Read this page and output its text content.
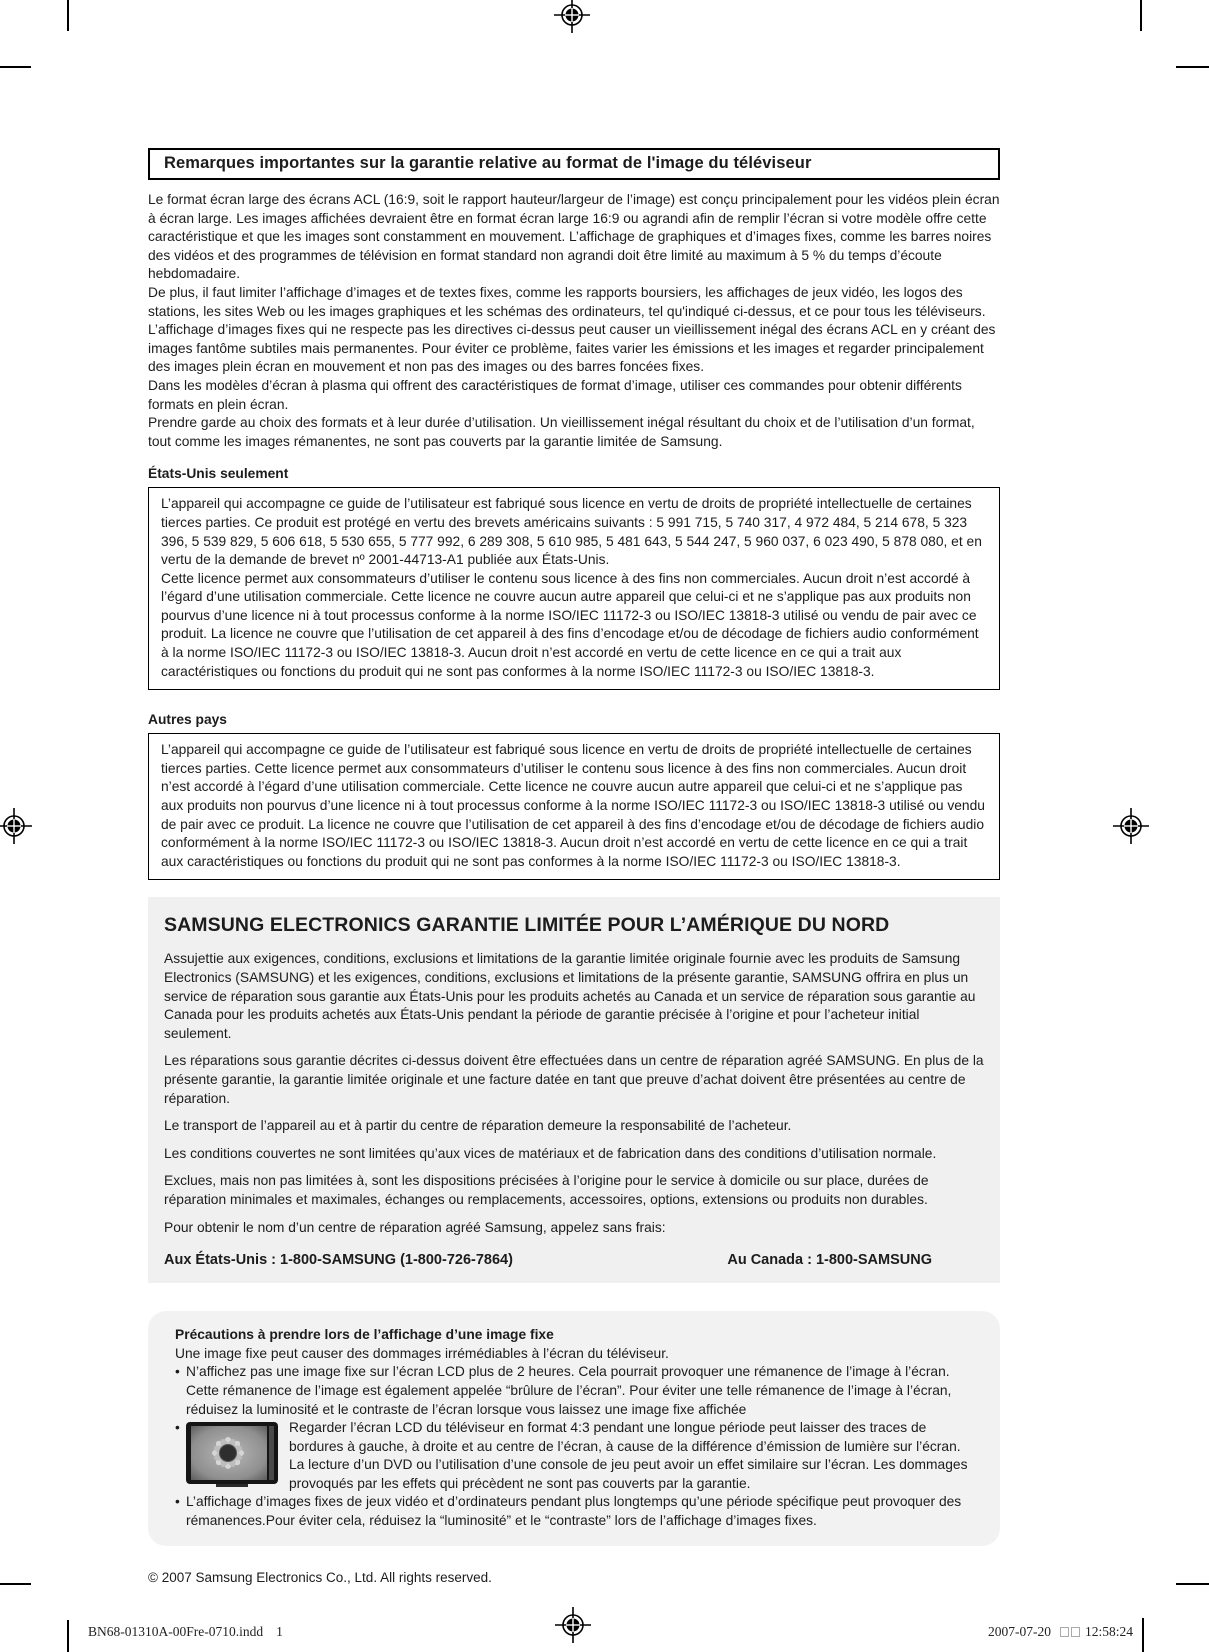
Remarques importantes sur la garantie relative au format de l'image du téléviseur

Le format écran large des écrans ACL (16:9, soit le rapport hauteur/largeur de l’image) est conçu principalement pour les vidéos plein écran à écran large. Les images affichées devraient être en format écran large 16:9 ou agrandi afin de remplir l’écran si votre modèle offre cette caractéristique et que les images sont constamment en mouvement. L’affichage de graphiques et d’images fixes, comme les barres noires des vidéos et des programmes de télévision en format standard non agrandi doit être limité au maximum à 5 % du temps d’écoute hebdomadaire.

De plus, il faut limiter l’affichage d’images et de textes fixes, comme les rapports boursiers, les affichages de jeux vidéo, les logos des stations, les sites Web ou les images graphiques et les schémas des ordinateurs, tel qu'indiqué ci-dessus, et ce pour tous les téléviseurs. L’affichage d’images fixes qui ne respecte pas les directives ci-dessus peut causer un vieillissement inégal des écrans ACL en y créant des images fantôme subtiles mais permanentes. Pour éviter ce problème, faites varier les émissions et les images et regarder principalement des images plein écran en mouvement et non pas des images ou des barres foncées fixes.

Dans les modèles d’écran à plasma qui offrent des caractéristiques de format d’image, utiliser ces commandes pour obtenir différents formats en plein écran.

Prendre garde au choix des formats et à leur durée d’utilisation. Un vieillissement inégal résultant du choix et de l’utilisation d’un format, tout comme les images rémanentes, ne sont pas couverts par la garantie limitée de Samsung.

États-Unis seulement

L’appareil qui accompagne ce guide de l’utilisateur est fabriqué sous licence en vertu de droits de propriété intellectuelle de certaines tierces parties. Ce produit est protégé en vertu des brevets américains suivants : 5 991 715, 5 740 317, 4 972 484, 5 214 678, 5 323 396, 5 539 829, 5 606 618, 5 530 655, 5 777 992, 6 289 308, 5 610 985, 5 481 643, 5 544 247, 5 960 037, 6 023 490, 5 878 080, et en vertu de la demande de brevet nº 2001-44713-A1 publiée aux États-Unis.

Cette licence permet aux consommateurs d’utiliser le contenu sous licence à des fins non commerciales. Aucun droit n’est accordé à l’égard d’une utilisation commerciale. Cette licence ne couvre aucun autre appareil que celui-ci et ne s’applique pas aux produits non pourvus d’une licence ni à tout processus conforme à la norme ISO/IEC 11172-3 ou ISO/IEC 13818-3 utilisé ou vendu de pair avec ce produit. La licence ne couvre que l’utilisation de cet appareil à des fins d’encodage et/ou de décodage de fichiers audio conformément à la norme ISO/IEC 11172-3 ou ISO/IEC 13818-3. Aucun droit n’est accordé en vertu de cette licence en ce qui a trait aux caractéristiques ou fonctions du produit qui ne sont pas conformes à la norme ISO/IEC 11172-3 ou ISO/IEC 13818-3.

Autres pays

L’appareil qui accompagne ce guide de l’utilisateur est fabriqué sous licence en vertu de droits de propriété intellectuelle de certaines tierces parties. Cette licence permet aux consommateurs d’utiliser le contenu sous licence à des fins non commerciales. Aucun droit n’est accordé à l’égard d’une utilisation commerciale. Cette licence ne couvre aucun autre appareil que celui-ci et ne s’applique pas aux produits non pourvus d’une licence ni à tout processus conforme à la norme ISO/IEC 11172-3 ou ISO/IEC 13818-3 utilisé ou vendu de pair avec ce produit. La licence ne couvre que l’utilisation de cet appareil à des fins d’encodage et/ou de décodage de fichiers audio conformément à la norme ISO/IEC 11172-3 ou ISO/IEC 13818-3. Aucun droit n’est accordé en vertu de cette licence en ce qui a trait aux caractéristiques ou fonctions du produit qui ne sont pas conformes à la norme ISO/IEC 11172-3 ou ISO/IEC 13818-3.

SAMSUNG ELECTRONICS GARANTIE LIMITÉE POUR L’AMÉRIQUE DU NORD

Assujettie aux exigences, conditions, exclusions et limitations de la garantie limitée originale fournie avec les produits de Samsung Electronics (SAMSUNG) et les exigences, conditions, exclusions et limitations de la présente garantie, SAMSUNG offrira en plus un service de réparation sous garantie aux États-Unis pour les produits achetés au Canada et un service de réparation sous garantie au Canada pour les produits achetés aux États-Unis pendant la période de garantie précisée à l’origine et pour l’acheteur initial seulement.

Les réparations sous garantie décrites ci-dessus doivent être effectuées dans un centre de réparation agréé SAMSUNG. En plus de la présente garantie, la garantie limitée originale et une facture datée en tant que preuve d’achat doivent être présentées au centre de réparation.

Le transport de l’appareil au et à partir du centre de réparation demeure la responsabilité de l’acheteur.

Les conditions couvertes ne sont limitées qu’aux vices de matériaux et de fabrication dans des conditions d’utilisation normale.

Exclues, mais non pas limitées à, sont les dispositions précisées à l’origine pour le service à domicile ou sur place, durées de réparation minimales et maximales, échanges ou remplacements, accessoires, options, extensions ou produits non durables.

Pour obtenir le nom d’un centre de réparation agréé Samsung, appelez sans frais:

Aux États-Unis : 1-800-SAMSUNG (1-800-726-7864)	Au Canada : 1-800-SAMSUNG
Précautions à prendre lors de l’affichage d’une image fixe

Une image fixe peut causer des dommages irrémédiables à l’écran du téléviseur.

• N’affichez pas une image fixe sur l’écran LCD plus de 2 heures. Cela pourrait provoquer une rémanence de l’image à l’écran. Cette rémanence de l’image est également appelée “brûlure de l’écran”. Pour éviter une telle rémanence de l’image à l’écran, réduisez la luminosité et le contraste de l’écran lorsque vous laissez une image fixe affichée
•	Regarder l’écran LCD du téléviseur en format 4:3 pendant une longue période peut laisser des traces de bordures à gauche, à droite et au centre de l’écran, à cause de la différence d’émission de lumière sur l’écran. La lecture d’un DVD ou l’utilisation d’une console de jeu peut avoir un effet similaire sur l’écran. Les dommages provoqués par les effets qui précèdent ne sont pas couverts par la garantie.
• L’affichage d’images fixes de jeux vidéo et d’ordinateurs pendant plus longtemps qu’une période spécifique peut provoquer des rémanences.Pour éviter cela, réduisez la “luminosité” et le “contraste” lors de l’affichage d’images fixes.
© 2007 Samsung Electronics Co., Ltd. All rights reserved.
BN68-01310A-00Fre-0710.indd 1	2007-07-20	12:58:24
